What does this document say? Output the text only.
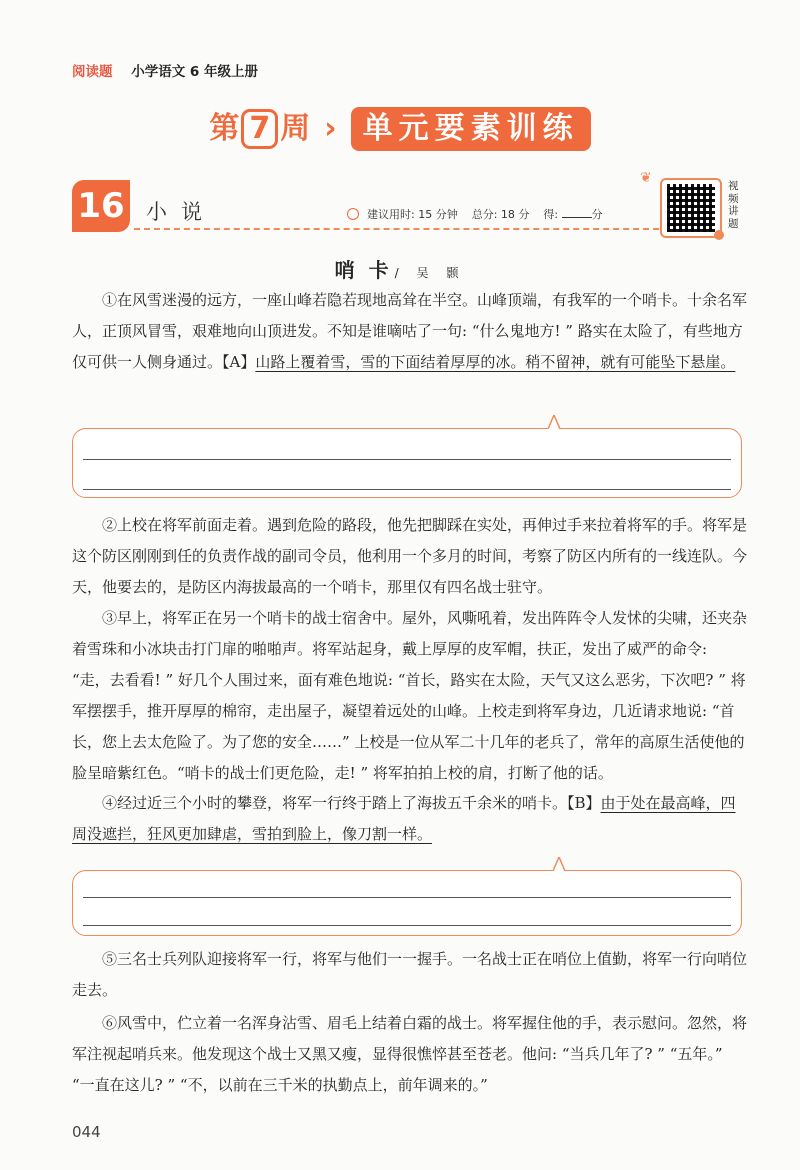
阅读题 小学语文 6 年级上册
第 7 周 › 单元要素训练
16 小说	建议用时: 15 分钟 总分: 18 分 得:	分
❦	视频讲题
哨卡/ 吴 颢

①在风雪迷漫的远方，一座山峰若隐若现地高耸在半空。山峰顶端，有我军的一个哨卡。十余名军人，正顶风冒雪，艰难地向山顶进发。不知是谁嘀咕了一句: “什么鬼地方! ” 路实在太险了，有些地方仅可供一人侧身通过。【A】山路上覆着雪，雪的下面结着厚厚的冰。稍不留神，就有可能坠下悬崖。

②上校在将军前面走着。遇到危险的路段，他先把脚踩在实处，再伸过手来拉着将军的手。将军是这个防区刚刚到任的负责作战的副司令员，他利用一个多月的时间，考察了防区内所有的一线连队。今天，他要去的，是防区内海拔最高的一个哨卡，那里仅有四名战士驻守。

③早上，将军正在另一个哨卡的战士宿舍中。屋外，风嘶吼着，发出阵阵令人发怵的尖啸，还夹杂着雪珠和小冰块击打门扉的啪啪声。将军站起身，戴上厚厚的皮军帽，扶正，发出了威严的命令: “走，去看看! ” 好几个人围过来，面有难色地说: “首长，路实在太险，天气又这么恶劣，下次吧? ” 将军摆摆手，推开厚厚的棉帘，走出屋子，凝望着远处的山峰。上校走到将军身边，几近请求地说: “首长，您上去太危险了。为了您的安全……” 上校是一位从军二十几年的老兵了，常年的高原生活使他的脸呈暗紫红色。“哨卡的战士们更危险，走! ” 将军拍拍上校的肩，打断了他的话。

④经过近三个小时的攀登，将军一行终于踏上了海拔五千余米的哨卡。【B】由于处在最高峰，四周没遮拦，狂风更加肆虐，雪拍到脸上，像刀割一样。

⑤三名士兵列队迎接将军一行，将军与他们一一握手。一名战士正在哨位上值勤，将军一行向哨位走去。

⑥风雪中，伫立着一名浑身沾雪、眉毛上结着白霜的战士。将军握住他的手，表示慰问。忽然，将军注视起哨兵来。他发现这个战士又黑又瘦，显得很憔悴甚至苍老。他问: “当兵几年了? ” “五年。” “一直在这儿? ” “不，以前在三千米的执勤点上，前年调来的。”

044
